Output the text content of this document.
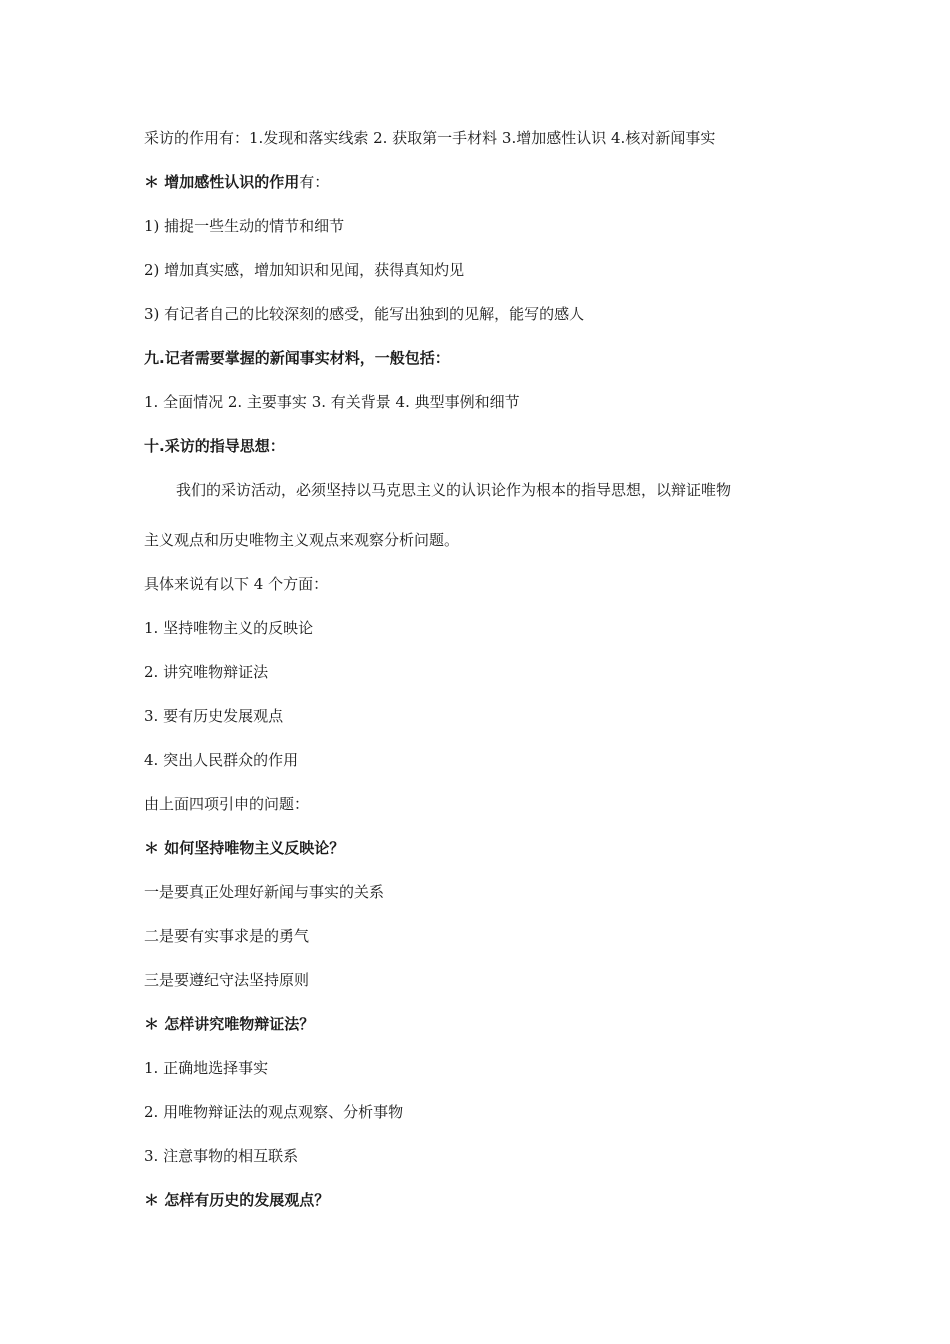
采访的作用有：1.发现和落实线索 2. 获取第一手材料 3.增加感性认识 4.核对新闻事实
＊ 增加感性认识的作用有：
1) 捕捉一些生动的情节和细节
2) 增加真实感，增加知识和见闻，获得真知灼见
3) 有记者自己的比较深刻的感受，能写出独到的见解，能写的感人
九.记者需要掌握的新闻事实材料，一般包括：
1. 全面情况 2. 主要事实 3. 有关背景 4. 典型事例和细节
十.采访的指导思想：
我们的采访活动，必须坚持以马克思主义的认识论作为根本的指导思想，以辩证唯物
主义观点和历史唯物主义观点来观察分析问题。
具体来说有以下 4 个方面：
1. 坚持唯物主义的反映论
2. 讲究唯物辩证法
3. 要有历史发展观点
4. 突出人民群众的作用
由上面四项引申的问题：
＊ 如何坚持唯物主义反映论？
一是要真正处理好新闻与事实的关系
二是要有实事求是的勇气
三是要遵纪守法坚持原则
＊ 怎样讲究唯物辩证法？
1. 正确地选择事实
2. 用唯物辩证法的观点观察、分析事物
3. 注意事物的相互联系
＊ 怎样有历史的发展观点？
